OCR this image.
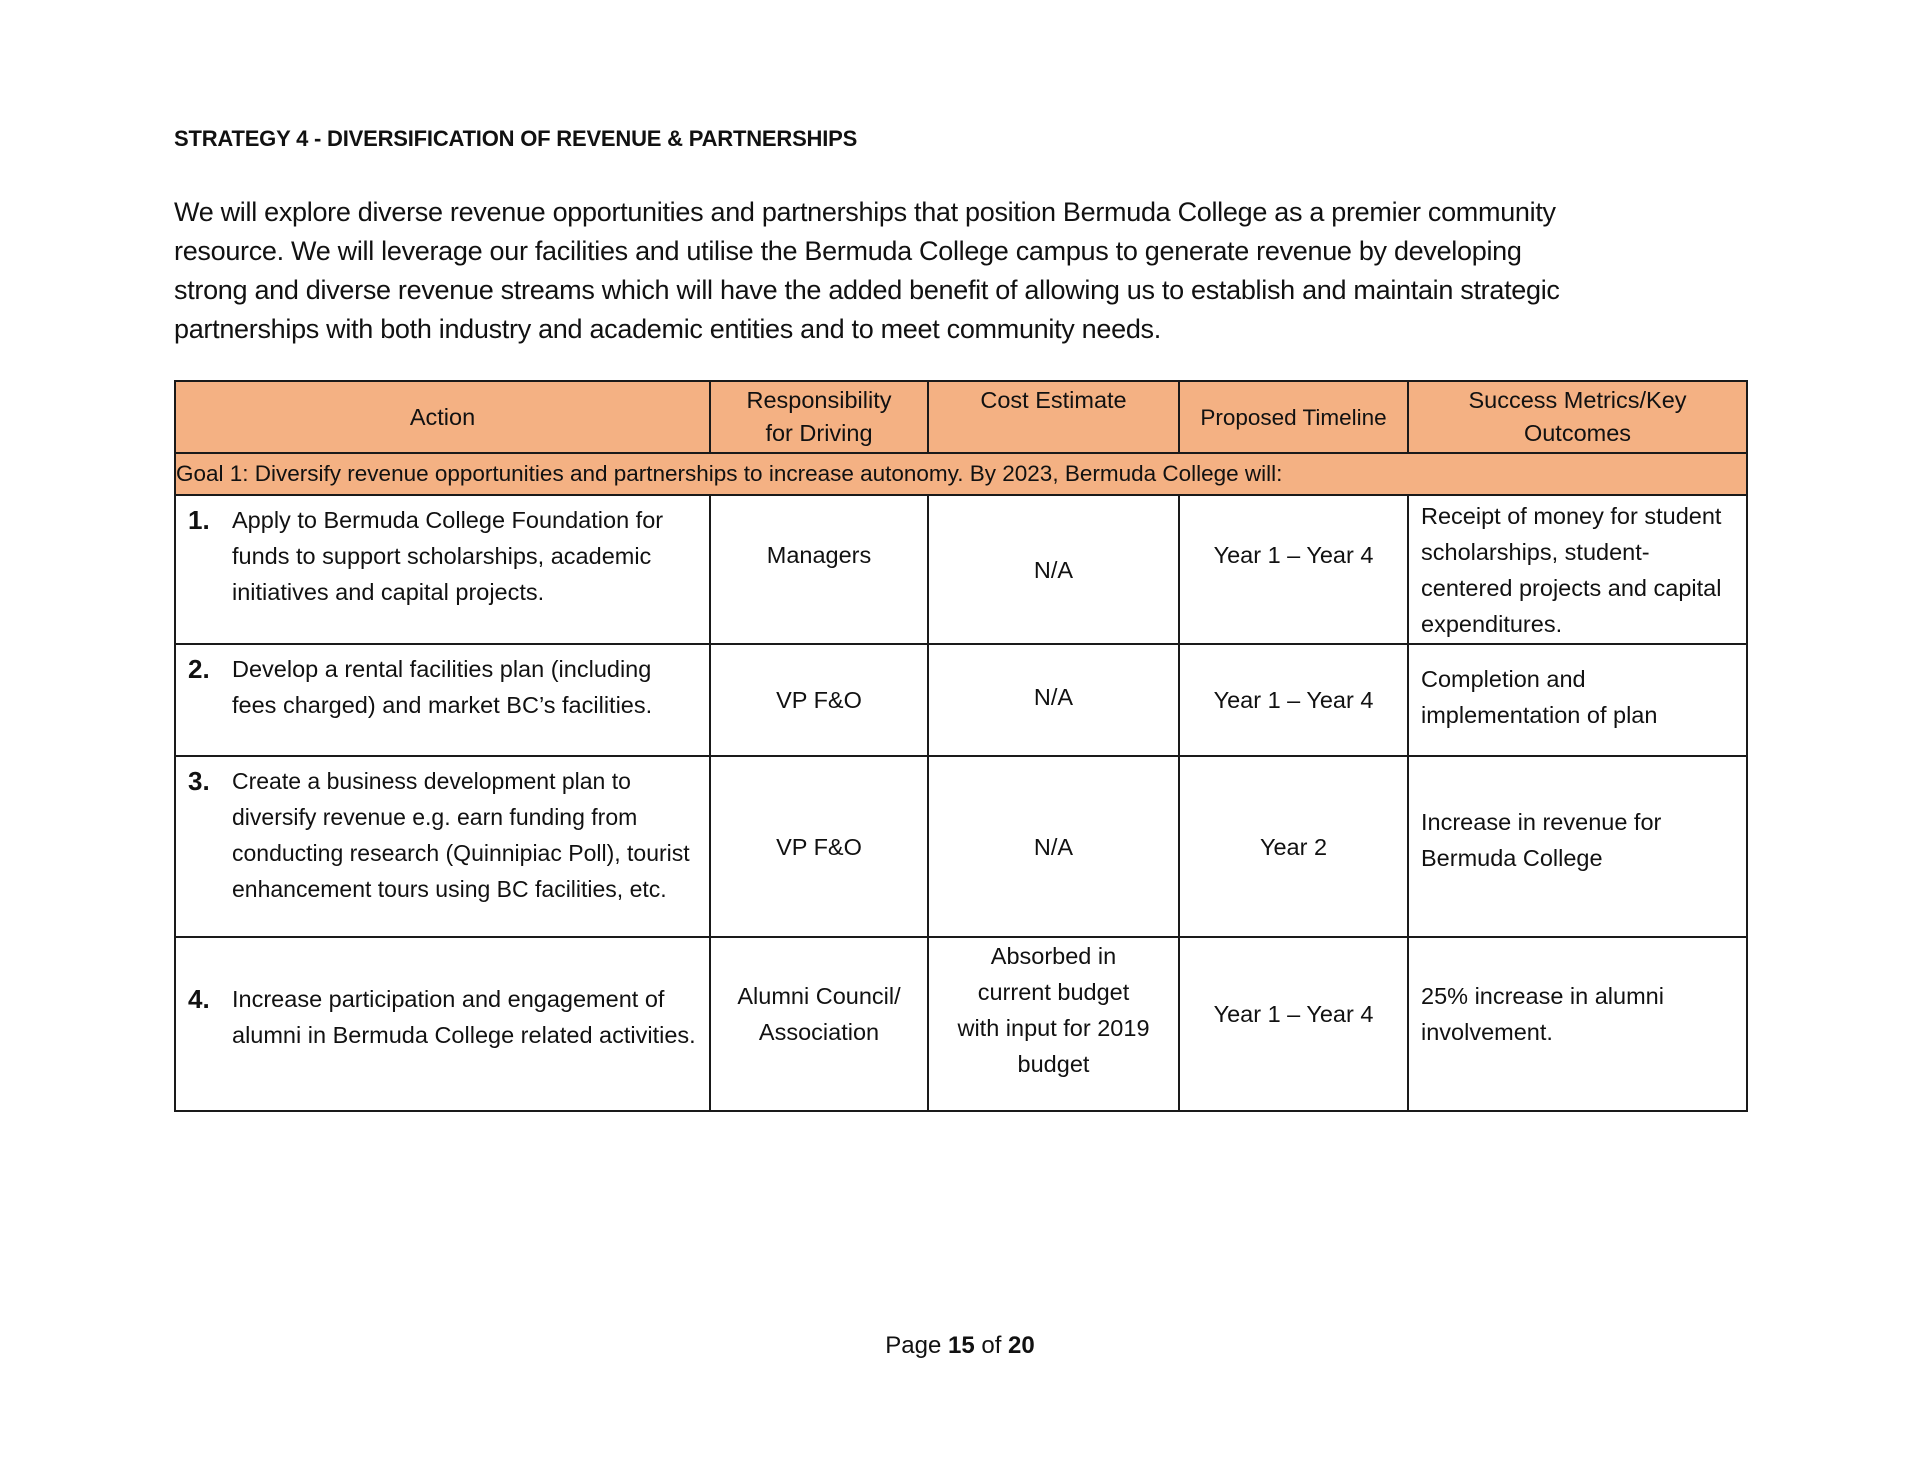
STRATEGY 4 - DIVERSIFICATION OF REVENUE & PARTNERSHIPS
We will explore diverse revenue opportunities and partnerships that position Bermuda College as a premier community
resource. We will leverage our facilities and utilise the Bermuda College campus to generate revenue by developing
strong and diverse revenue streams which will have the added benefit of allowing us to establish and maintain strategic
partnerships with both industry and academic entities and to meet community needs.
Action	Responsibility for Driving	Cost Estimate	Proposed Timeline	Success Metrics/Key Outcomes
Goal 1: Diversify revenue opportunities and partnerships to increase autonomy. By 2023, Bermuda College will:				

1. Apply to Bermuda College Foundation for funds to support scholarships, academic initiatives and capital projects.	Managers	N/A	Year 1 – Year 4	Receipt of money for student scholarships, student-centered projects and capital expenditures.

2. Develop a rental facilities plan (including fees charged) and market BC’s facilities.	VP F&O	N/A	Year 1 – Year 4	Completion and implementation of plan

3. Create a business development plan to diversify revenue e.g. earn funding from conducting research (Quinnipiac Poll), tourist enhancement tours using BC facilities, etc.	VP F&O	N/A	Year 2	Increase in revenue for Bermuda College

4. Increase participation and engagement of alumni in Bermuda College related activities.	Alumni Council/ Association	Absorbed in current budget with input for 2019 budget	Year 1 – Year 4	25% increase in alumni involvement.
Page 15 of 20
